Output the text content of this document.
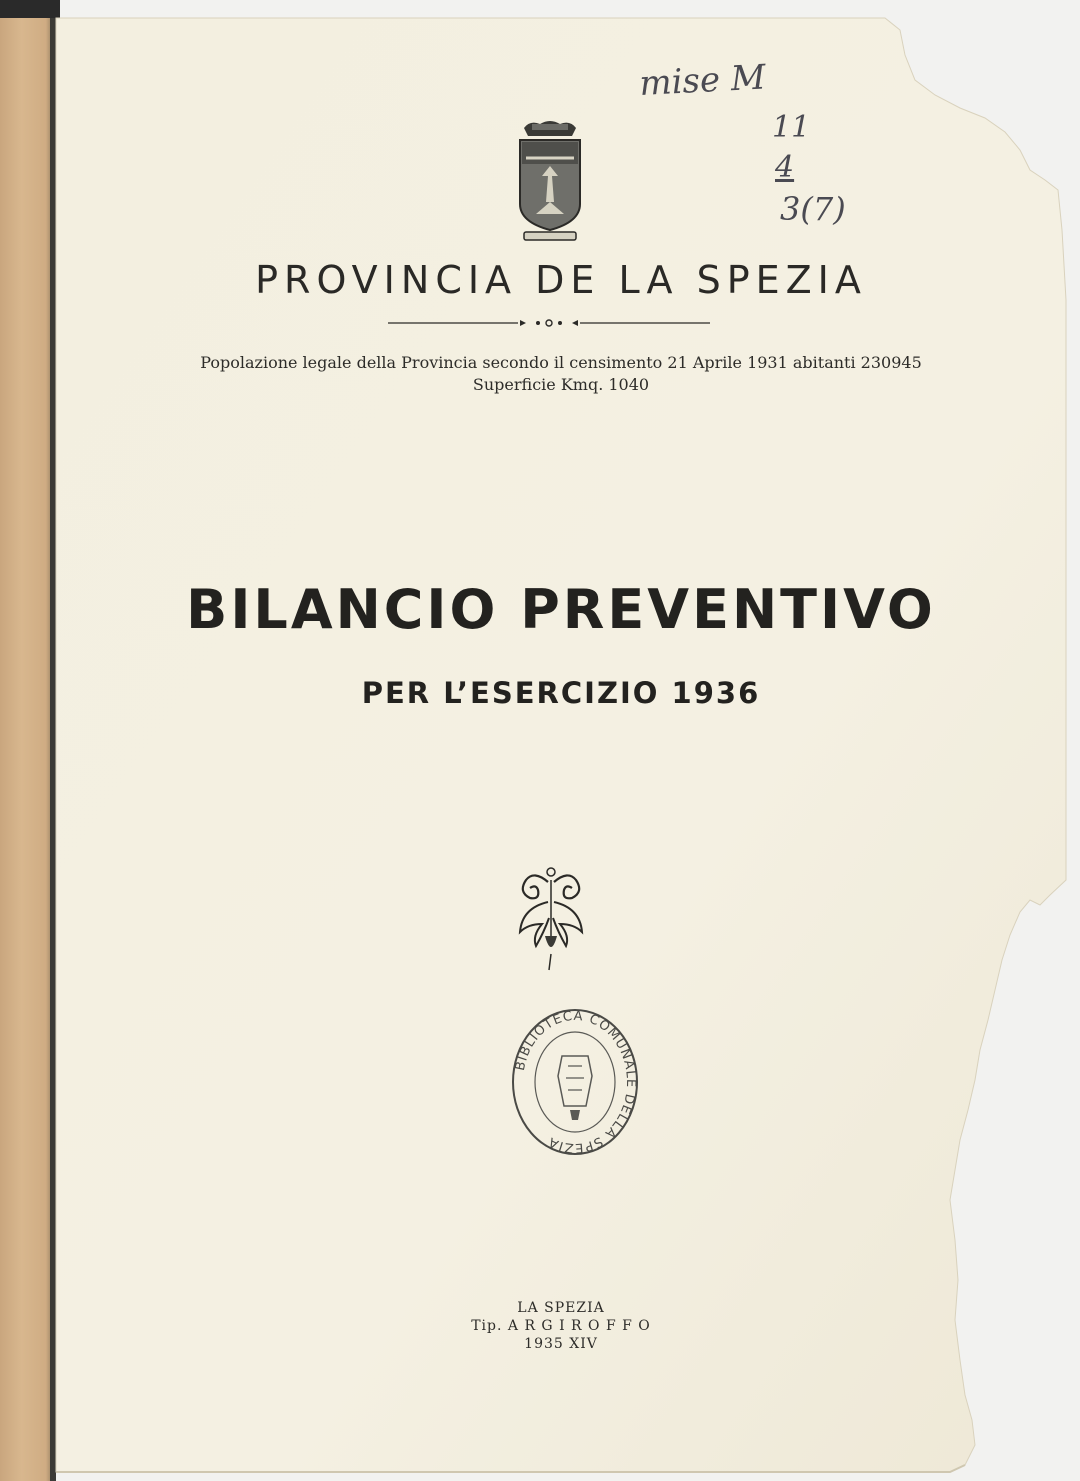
mise M
11
4
3(7)
PROVINCIA DE LA SPEZIA
Popolazione legale della Provincia secondo il censimento 21 Aprile 1931 abitanti 230945
Superficie Kmq. 1040
BILANCIO PREVENTIVO
PER L’ESERCIZIO 1936
BIBLIOTECA COMUNALE DELLA SPEZIA
LA SPEZIA
Tip. A R G I R O F F O
1935 XIV
